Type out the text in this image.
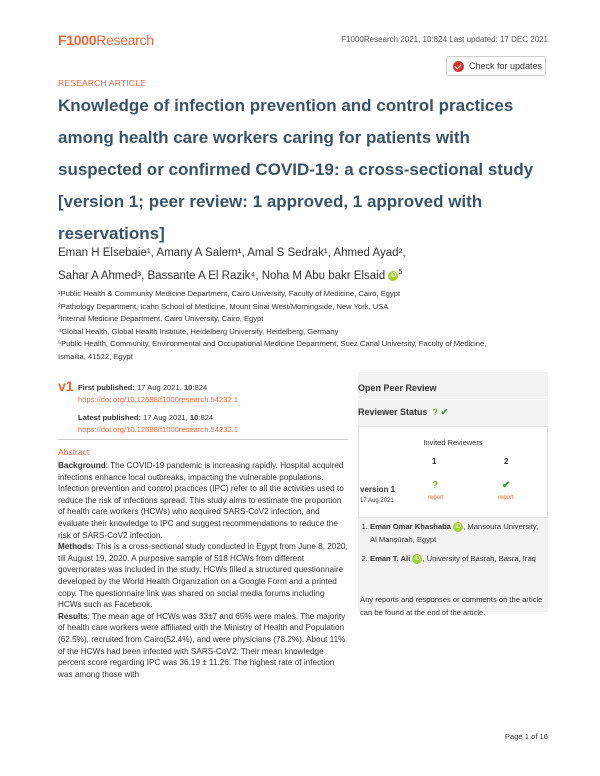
F1000Research	F1000Research 2021, 10:824 Last updated: 17 DEC 2021
Check for updates
RESEARCH ARTICLE
Knowledge of infection prevention and control practices
among health care workers caring for patients with
suspected or confirmed COVID-19: a cross-sectional study
[version 1; peer review: 1 approved, 1 approved with
reservations]
Eman H Elsebaie¹, Amany A Salem¹, Amal S Sedrak¹, Ahmed Ayad²,
Sahar A Ahmed³, Bassante A El Razik⁴, Noha M Abu bakr Elsaid iD $^5$
¹Public Health & Community Medicine Department, Cairo University, Faculty of Medicine, Cairo, Egypt
²Pathology Department, Icahn School of Medicine, Mount Sinai West/Morningside, New York, USA
³Internal Medicine Department, Cairo University, Cairo, Egypt
⁴Global Health, Global Health Institute, Heidelberg University, Heidelberg, Germany
⁵Public Health, Community, Environmental and Occupational Medicine Department, Suez Canal University, Faculty of Medicine,
Ismailia, 41522, Egypt
v1 First published: 17 Aug 2021, 10:824
https://doi.org/10.12688/f1000research.54232.1
Latest published: 17 Aug 2021, 10:824
https://doi.org/10.12688/f1000research.54232.1
Abstract
Background: The COVID-19 pandemic is increasing rapidly. Hospital acquired infections enhance local outbreaks, impacting the vulnerable populations. Infection prevention and control practices (IPC) refer to all the activities used to reduce the risk of infections spread. This study aims to estimate the proportion of health care workers (HCWs) who acquired SARS-CoV2 infection, and evaluate their knowledge to IPC and suggest recommendations to reduce the risk of SARS-CoV2 infection.
Methods: This is a cross-sectional study conducted in Egypt from June 8, 2020, till August 19, 2020. A purposive sample of 518 HCWs from different governorates was included in the study. HCWs filled a structured questionnaire developed by the World Health Organization on a Google Form and a printed copy. The questionnaire link was shared on social media forums including HCWs such as Facebook.
Results: The mean age of HCWs was 33±7 and 65% were males. The majority of health care workers were affiliated with the Ministry of Health and Population (62.5%), recruited from Cairo(52.4%), and were physicians (78.2%). About 11% of the HCWs had been infected with SARS-CoV2. Their mean knowledge percent score regarding IPC was 36.19 ± 11.26. The highest rate of infection was among those with
Open Peer Review
Reviewer Status ? ✔
Invited Reviewers
1	2
version 1
17 Aug 2021
?	✔
report	report
1. Eman Omar Khashaba iD , Mansoura University, Al Manşūrah, Egypt
2. Eman T. Ali iD , University of Basrah, Basra, Iraq
Any reports and responses or comments on the article can be found at the end of the article.
Page 1 of 16
